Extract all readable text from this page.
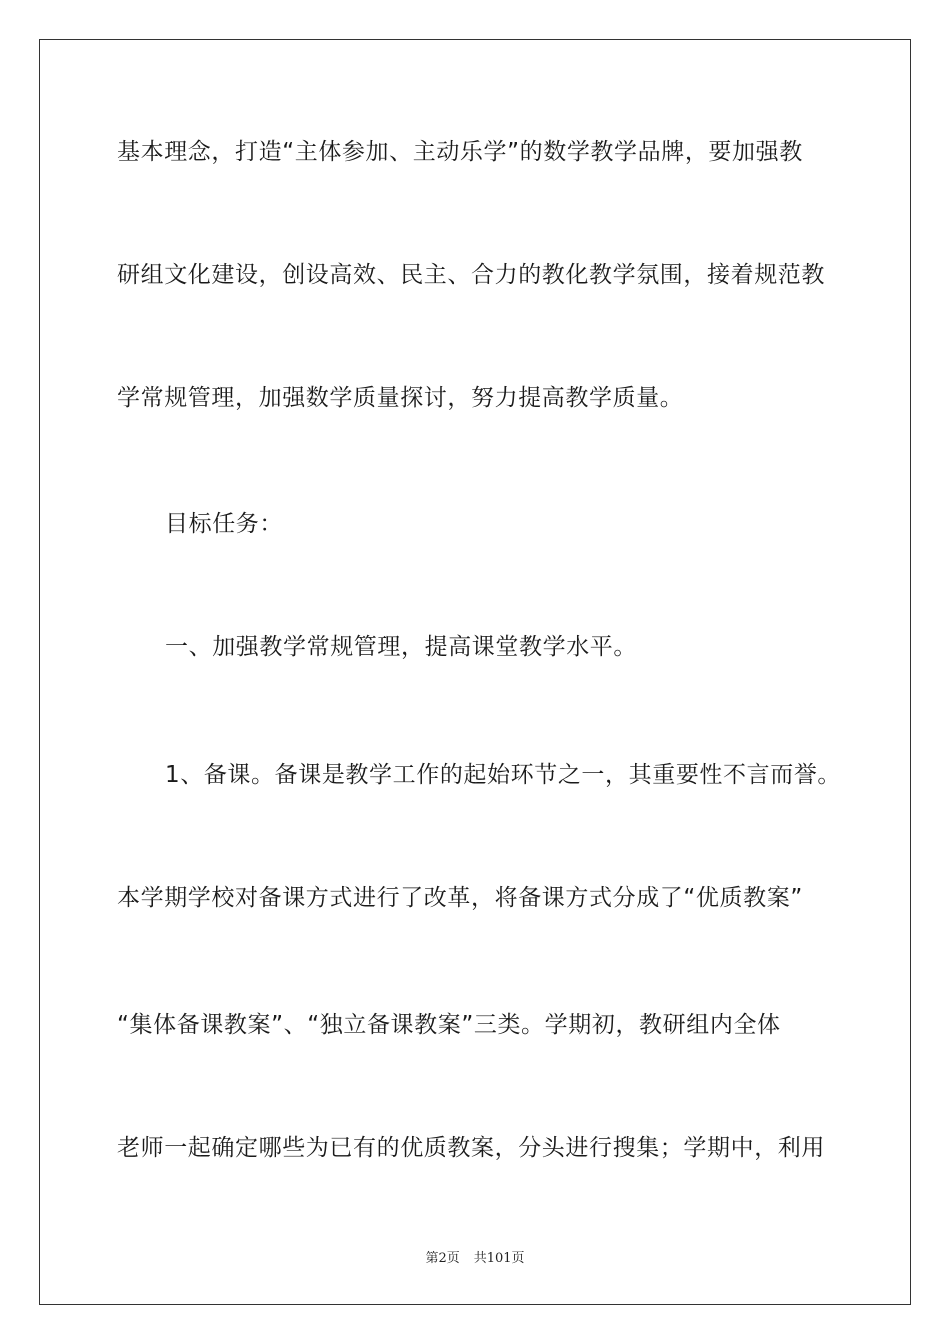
基本理念，打造“主体参加、主动乐学”的数学教学品牌，要加强教
研组文化建设，创设高效、民主、合力的教化教学氛围，接着规范教
学常规管理，加强数学质量探讨，努力提高教学质量。
目标任务：
一、加强教学常规管理，提高课堂教学水平。
1、备课。备课是教学工作的起始环节之一，其重要性不言而誉。
本学期学校对备课方式进行了改革，将备课方式分成了“优质教案”
“集体备课教案”、“独立备课教案”三类。学期初，教研组内全体
老师一起确定哪些为已有的优质教案，分头进行搜集；学期中，利用
第2页 共101页
